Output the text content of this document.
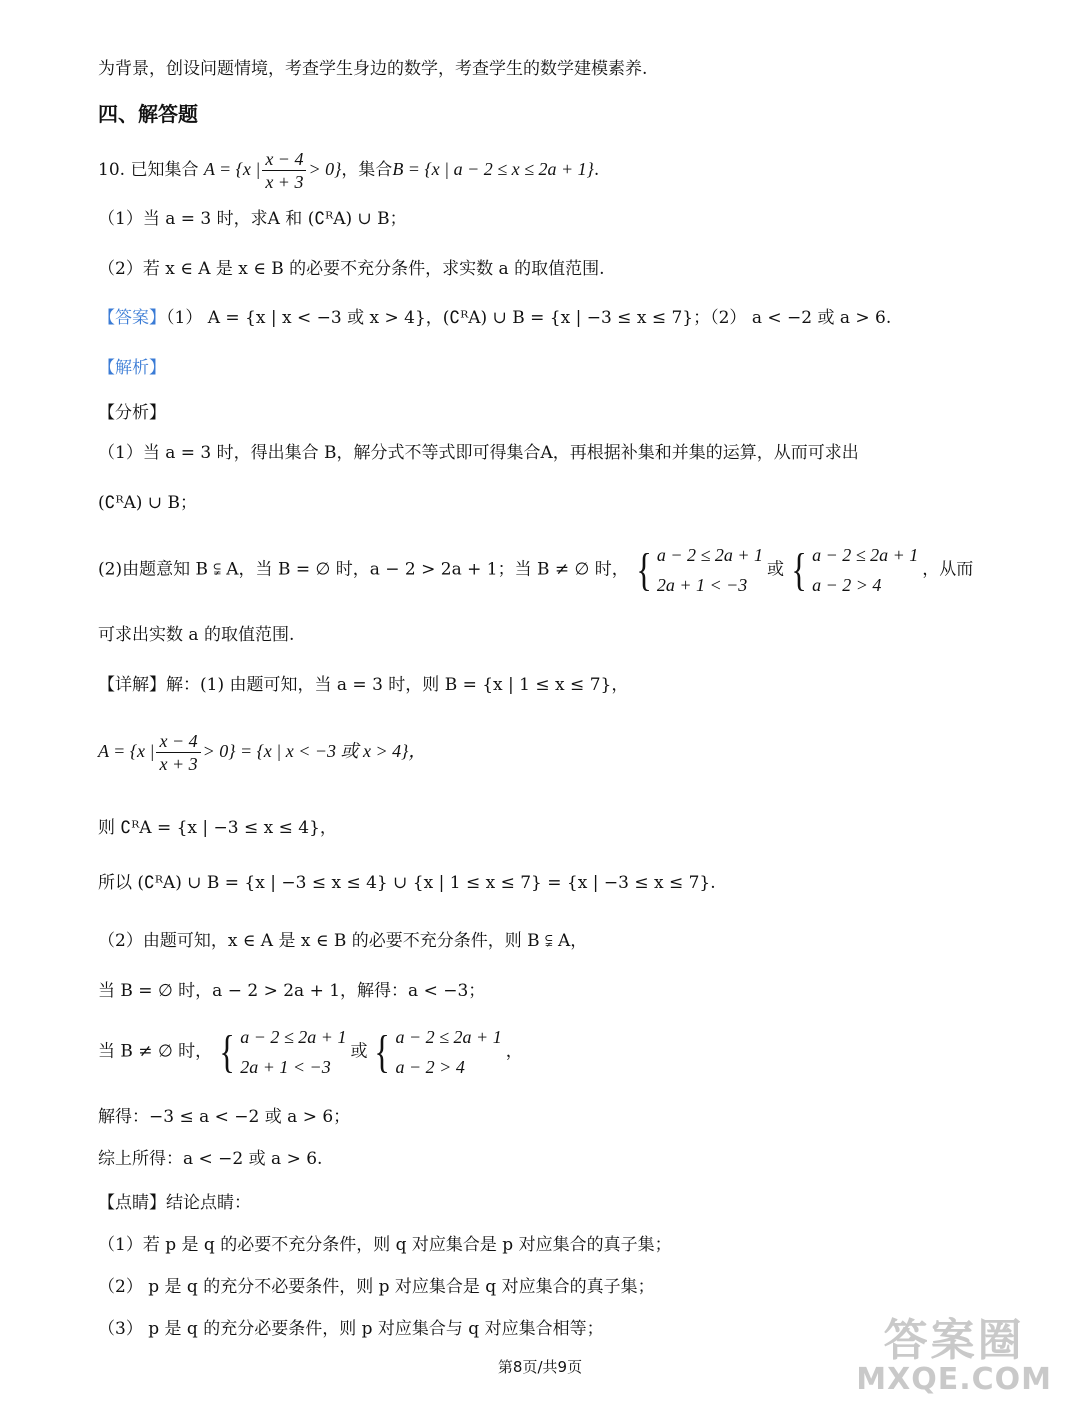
为背景，创设问题情境，考查学生身边的数学，考查学生的数学建模素养.
四、解答题
10. 已知集合 A = {x | $\frac{x - 4}{x + 3} > 0$}，集合B = {x | a − 2 ≤ x ≤ 2a + 1}.
（1）当 a = 3 时，求A 和 (∁ᴿA) ∪ B；
（2）若 x ∈ A 是 x ∈ B 的必要不充分条件，求实数 a 的取值范围.
【答案】（1） A = {x | x < −3 或 x > 4}，(∁ᴿA) ∪ B = {x | −3 ≤ x ≤ 7}；（2） a < −2 或 a > 6.
【解析】
【分析】
（1）当 a = 3 时，得出集合 B，解分式不等式即可得集合A，再根据补集和并集的运算，从而可求出
(∁ᴿA) ∪ B；
(2)由题意知 B ⫋ A，当 B = ∅ 时，a − 2 > 2a + 1；当 B ≠ ∅ 时， { a − 2 ≤ 2a + 1
2a + 1 < −3
或 { a − 2 ≤ 2a + 1
a − 2 > 4
，从而
可求出实数 a 的取值范围.
【详解】解：(1) 由题可知，当 a = 3 时，则 B = {x | 1 ≤ x ≤ 7}，
A = {x | $\frac{x - 4}{x + 3} > 0\} = \{x$ | x < −3 或 x > 4}，
则 ∁ᴿA = {x | −3 ≤ x ≤ 4}，
所以 (∁ᴿA) ∪ B = {x | −3 ≤ x ≤ 4} ∪ {x | 1 ≤ x ≤ 7} = {x | −3 ≤ x ≤ 7}.
（2）由题可知，x ∈ A 是 x ∈ B 的必要不充分条件，则 B ⫋ A，
当 B = ∅ 时，a − 2 > 2a + 1，解得：a < −3；
当 B ≠ ∅ 时， { a − 2 ≤ 2a + 1
2a + 1 < −3
或 { a − 2 ≤ 2a + 1
a − 2 > 4
，
解得：−3 ≤ a < −2 或 a > 6；
综上所得：a < −2 或 a > 6.
【点睛】结论点睛：
（1）若 p 是 q 的必要不充分条件，则 q 对应集合是 p 对应集合的真子集；
（2） p 是 q 的充分不必要条件，则 p 对应集合是 q 对应集合的真子集；
（3） p 是 q 的充分必要条件，则 p 对应集合与 q 对应集合相等；
第8页/共9页
答案圈
MXQE.COM
